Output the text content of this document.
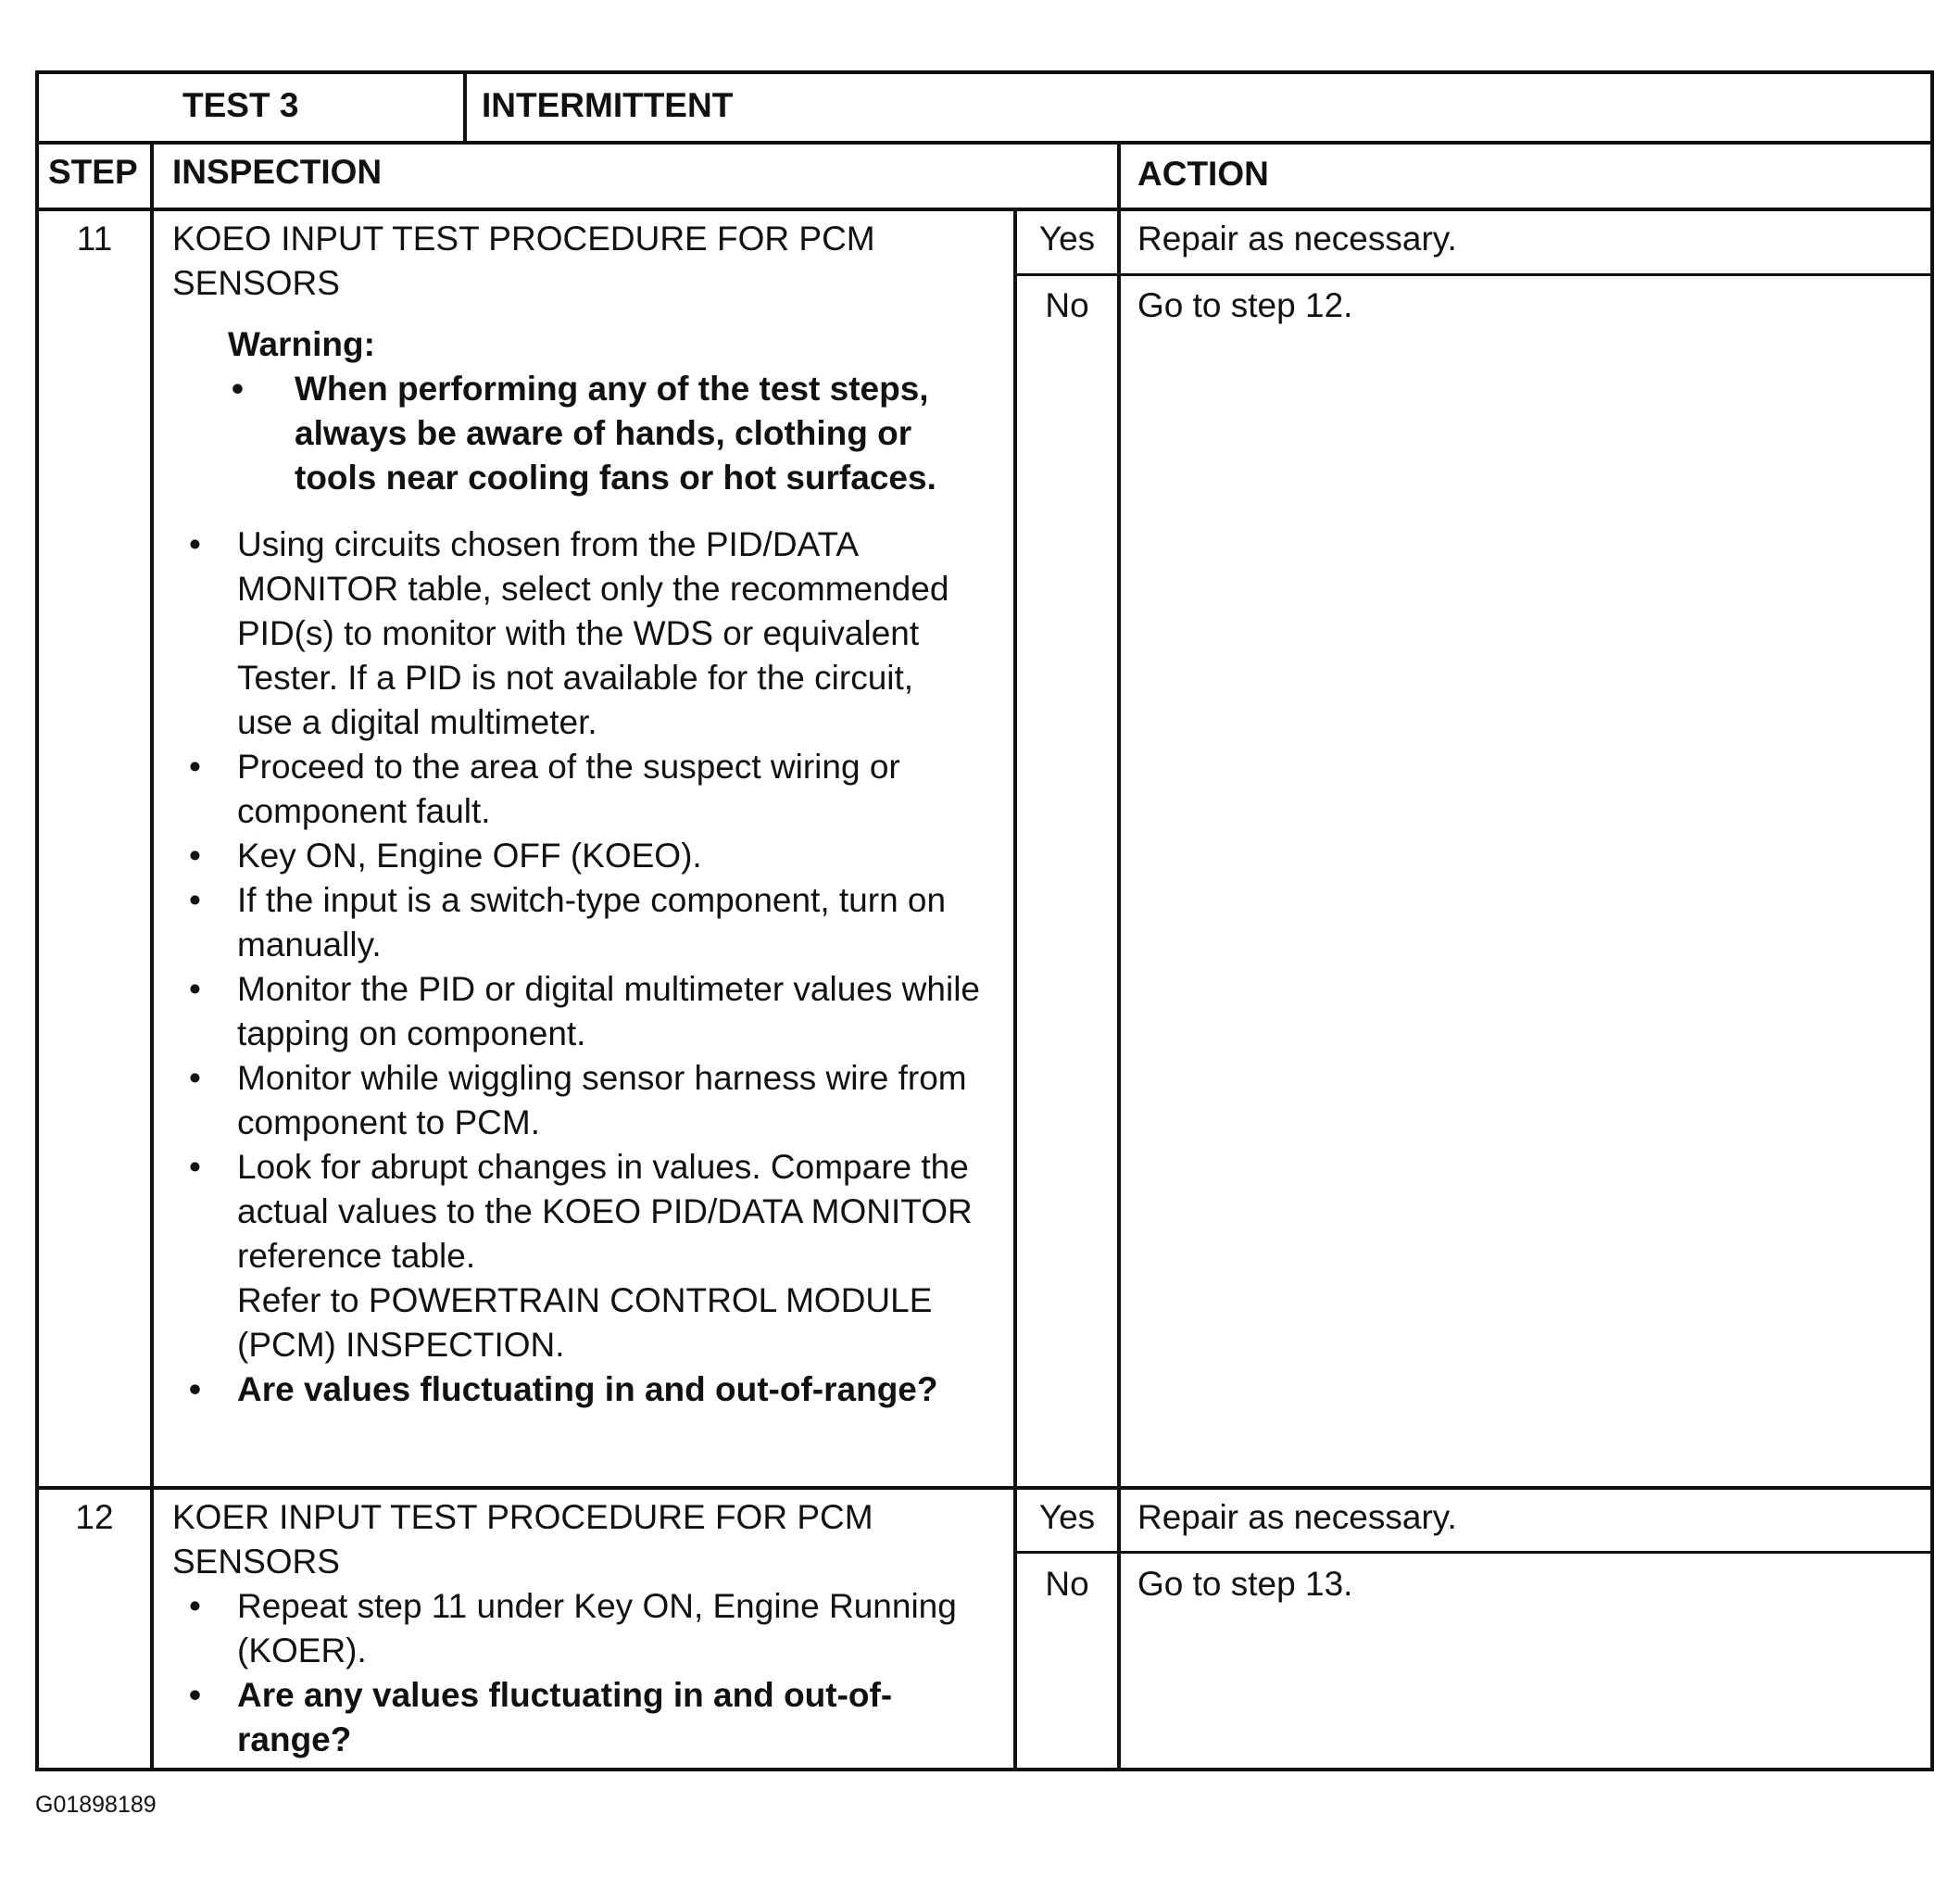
TEST 3	INTERMITTENT
STEP INSPECTION	ACTION
11	KOEO INPUT TEST PROCEDURE FOR PCM SENSORS
Warning:
• When performing any of the test steps, always be aware of hands, clothing or tools near cooling fans or hot surfaces.
• Using circuits chosen from the PID/DATA MONITOR table, select only the recommended PID(s) to monitor with the WDS or equivalent Tester. If a PID is not available for the circuit, use a digital multimeter.
• Proceed to the area of the suspect wiring or component fault.
• Key ON, Engine OFF (KOEO).
• If the input is a switch-type component, turn on manually.
• Monitor the PID or digital multimeter values while tapping on component.
• Monitor while wiggling sensor harness wire from component to PCM.
• Look for abrupt changes in values. Compare the actual values to the KOEO PID/DATA MONITOR reference table.
Refer to POWERTRAIN CONTROL MODULE (PCM) INSPECTION.
• Are values fluctuating in and out-of-range?
Yes	Repair as necessary.
No	Go to step 12.
12	KOER INPUT TEST PROCEDURE FOR PCM SENSORS
• Repeat step 11 under Key ON, Engine Running (KOER).
• Are any values fluctuating in and out-of-range?
Yes	Repair as necessary.
No	Go to step 13.
G01898189
